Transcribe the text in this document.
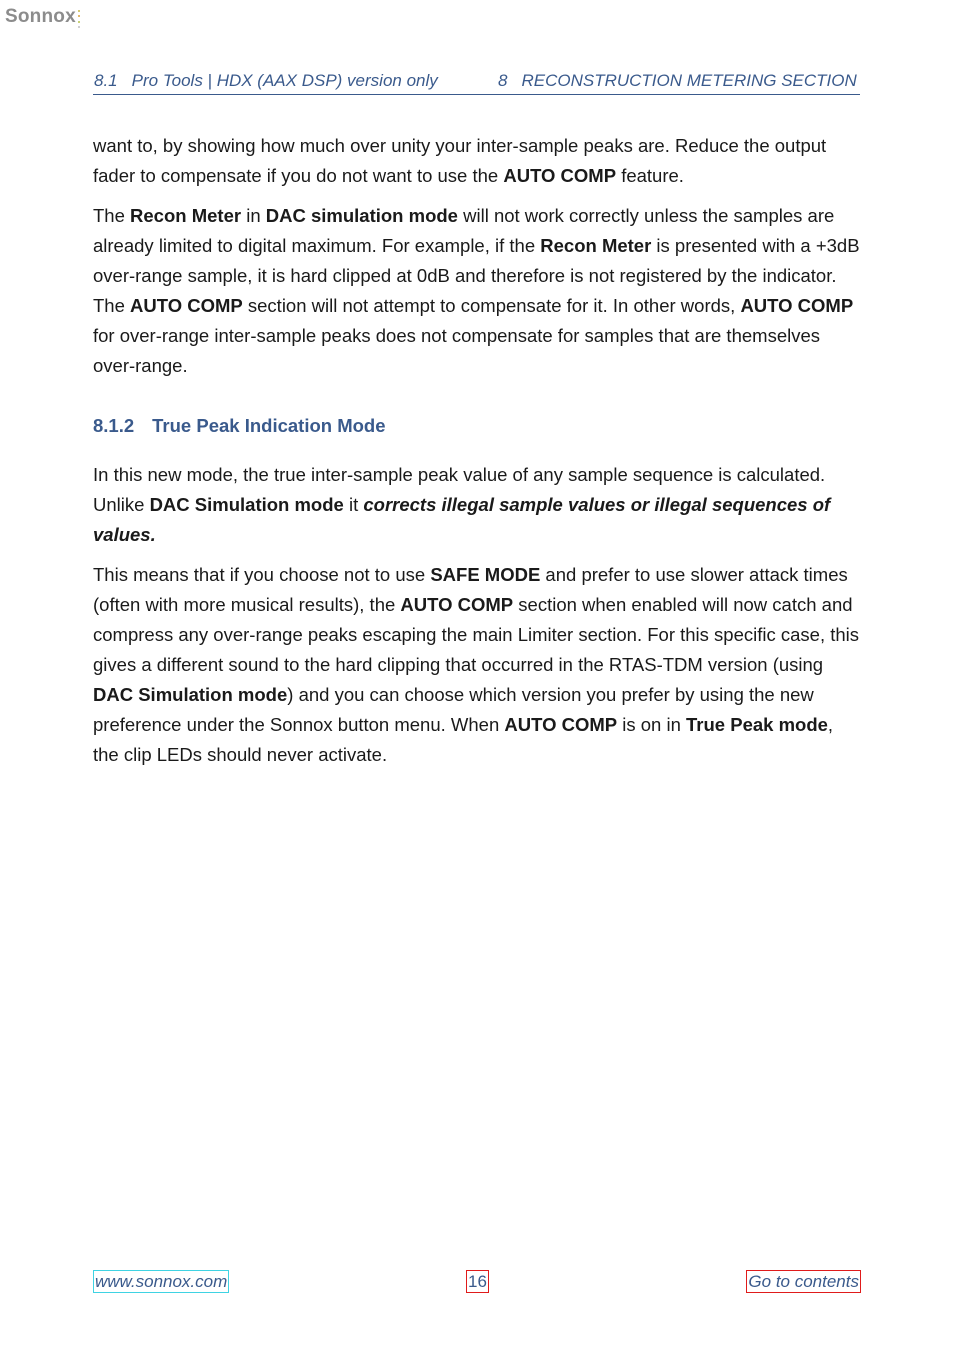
Sonnox
8.1 Pro Tools | HDX (AAX DSP) version only	8 RECONSTRUCTION METERING SECTION

want to, by showing how much over unity your inter-sample peaks are. Reduce the output fader to compensate if you do not want to use the AUTO COMP feature.

The Recon Meter in DAC simulation mode will not work correctly unless the samples are already limited to digital maximum. For example, if the Recon Meter is presented with a +3dB over-range sample, it is hard clipped at 0dB and therefore is not registered by the indicator. The AUTO COMP section will not attempt to compensate for it. In other words, AUTO COMP for over-range inter-sample peaks does not compensate for samples that are themselves over-range.

8.1.2 True Peak Indication Mode

In this new mode, the true inter-sample peak value of any sample sequence is calculated. Unlike DAC Simulation mode it corrects illegal sample values or illegal sequences of values.

This means that if you choose not to use SAFE MODE and prefer to use slower attack times (often with more musical results), the AUTO COMP section when enabled will now catch and compress any over-range peaks escaping the main Limiter section. For this specific case, this gives a different sound to the hard clipping that occurred in the RTAS-TDM version (using DAC Simulation mode) and you can choose which version you prefer by using the new preference under the Sonnox button menu. When AUTO COMP is on in True Peak mode, the clip LEDs should never activate.

www.sonnox.com	16	Go to contents
